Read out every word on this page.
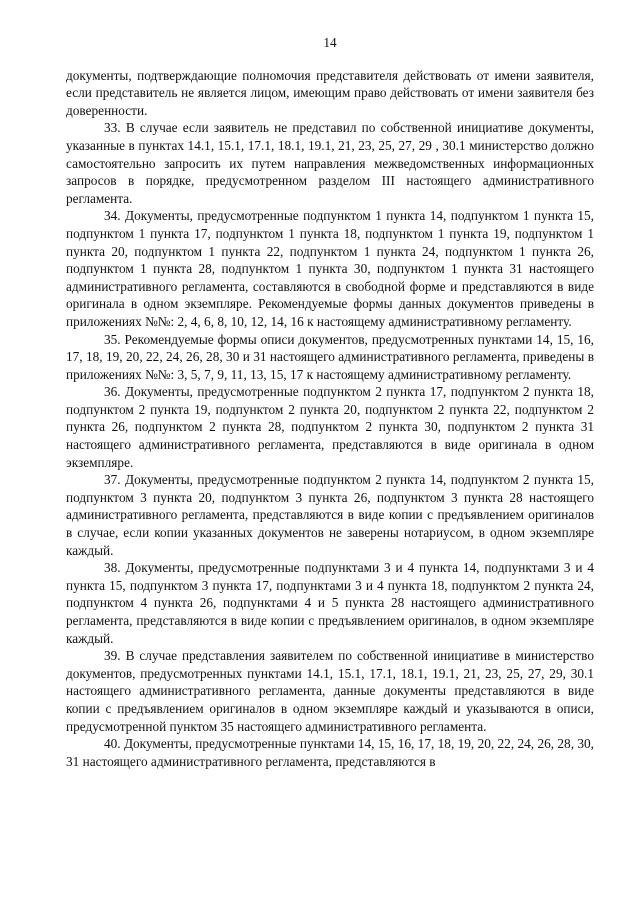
14

документы, подтверждающие полномочия представителя действовать от имени заявителя, если представитель не является лицом, имеющим право действовать от имени заявителя без доверенности.

33. В случае если заявитель не представил по собственной инициативе документы, указанные в пунктах 14.1, 15.1, 17.1, 18.1, 19.1, 21, 23, 25, 27, 29 , 30.1 министерство должно самостоятельно запросить их путем направления межведомственных информационных запросов в порядке, предусмотренном разделом III настоящего административного регламента.

34. Документы, предусмотренные подпунктом 1 пункта 14, подпунктом 1 пункта 15, подпунктом 1 пункта 17, подпунктом 1 пункта 18, подпунктом 1 пункта 19, подпунктом 1 пункта 20, подпунктом 1 пункта 22, подпунктом 1 пункта 24, подпунктом 1 пункта 26, подпунктом 1 пункта 28, подпунктом 1 пункта 30, подпунктом 1 пункта 31 настоящего административного регламента, составляются в свободной форме и представляются в виде оригинала в одном экземпляре. Рекомендуемые формы данных документов приведены в приложениях №№: 2, 4, 6, 8, 10, 12, 14, 16 к настоящему административному регламенту.

35. Рекомендуемые формы описи документов, предусмотренных пунктами 14, 15, 16, 17, 18, 19, 20, 22, 24, 26, 28, 30 и 31 настоящего административного регламента, приведены в приложениях №№: 3, 5, 7, 9, 11, 13, 15, 17 к настоящему административному регламенту.

36. Документы, предусмотренные подпунктом 2 пункта 17, подпунктом 2 пункта 18, подпунктом 2 пункта 19, подпунктом 2 пункта 20, подпунктом 2 пункта 22, подпунктом 2 пункта 26, подпунктом 2 пункта 28, подпунктом 2 пункта 30, подпунктом 2 пункта 31 настоящего административного регламента, представляются в виде оригинала в одном экземпляре.

37. Документы, предусмотренные подпунктом 2 пункта 14, подпунктом 2 пункта 15, подпунктом 3 пункта 20, подпунктом 3 пункта 26, подпунктом 3 пункта 28 настоящего административного регламента, представляются в виде копии с предъявлением оригиналов в случае, если копии указанных документов не заверены нотариусом, в одном экземпляре каждый.

38. Документы, предусмотренные подпунктами 3 и 4 пункта 14, подпунктами 3 и 4 пункта 15, подпунктом 3 пункта 17, подпунктами 3 и 4 пункта 18, подпунктом 2 пункта 24, подпунктом 4 пункта 26, подпунктами 4 и 5 пункта 28 настоящего административного регламента, представляются в виде копии с предъявлением оригиналов, в одном экземпляре каждый.

39. В случае представления заявителем по собственной инициативе в министерство документов, предусмотренных пунктами 14.1, 15.1, 17.1, 18.1, 19.1, 21, 23, 25, 27, 29, 30.1 настоящего административного регламента, данные документы представляются в виде копии с предъявлением оригиналов в одном экземпляре каждый и указываются в описи, предусмотренной пунктом 35 настоящего административного регламента.

40. Документы, предусмотренные пунктами 14, 15, 16, 17, 18, 19, 20, 22, 24, 26, 28, 30, 31 настоящего административного регламента, представляются в
